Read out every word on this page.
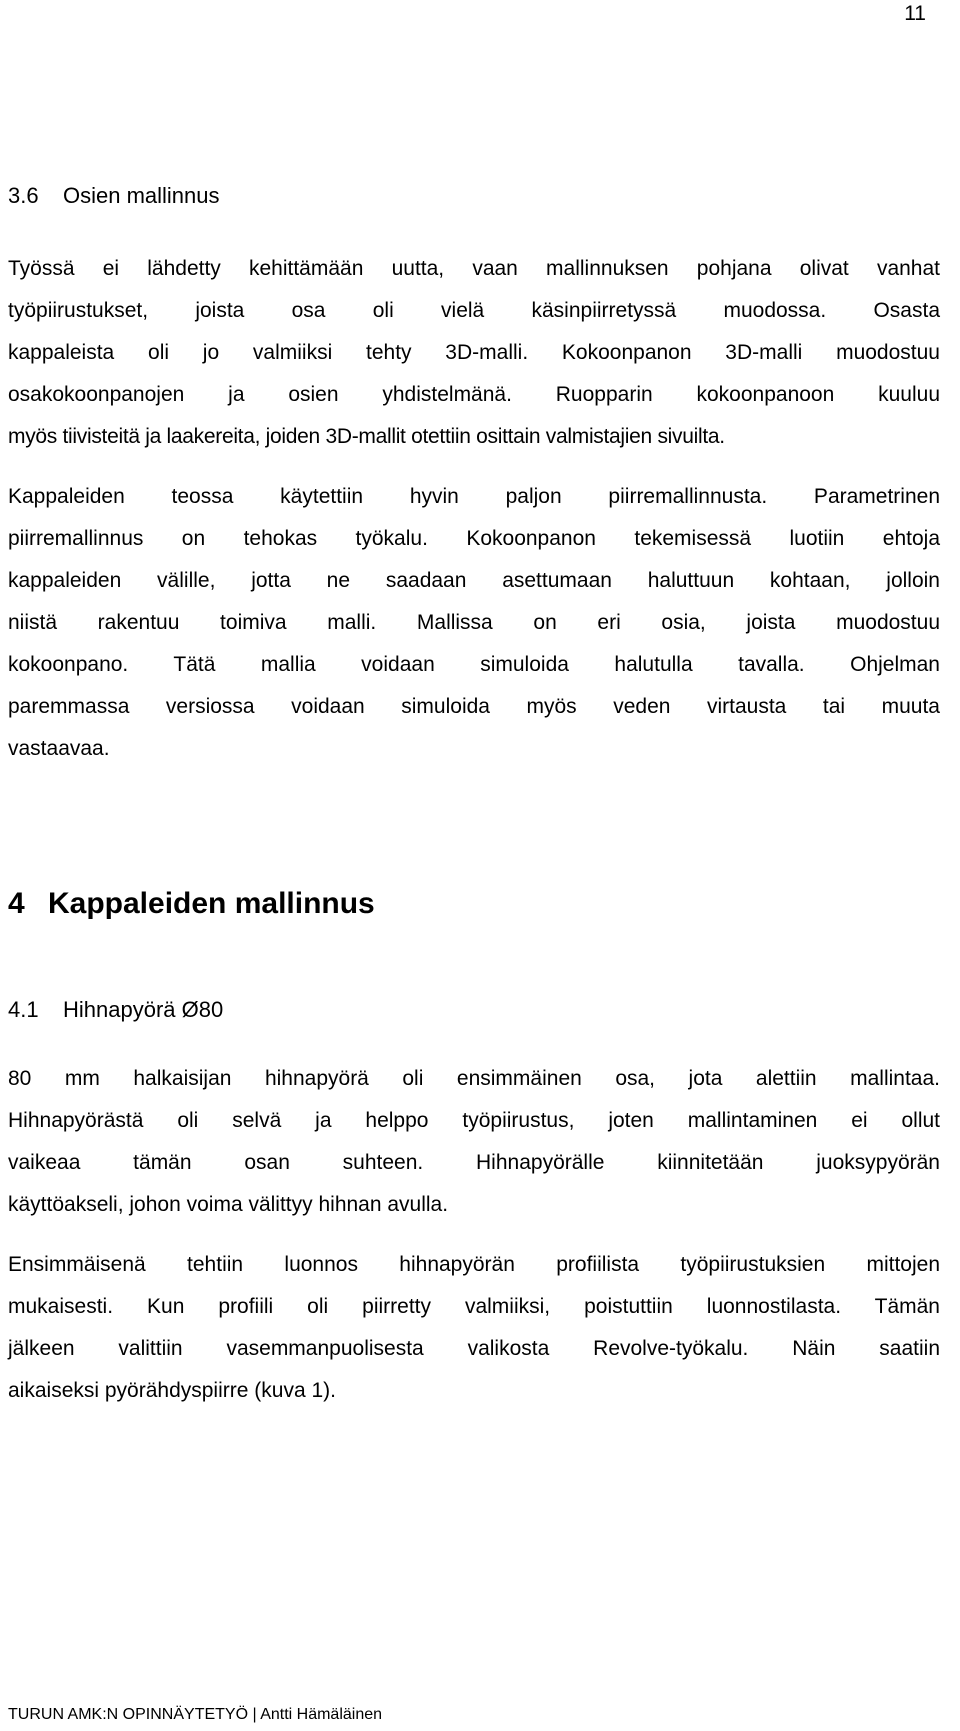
11
3.6 Osien mallinnus
Työssä ei lähdetty kehittämään uutta, vaan mallinnuksen pohjana olivat vanhat
työpiirustukset, joista osa oli vielä käsinpiirretyssä muodossa. Osasta
kappaleista oli jo valmiiksi tehty 3D-malli. Kokoonpanon 3D-malli muodostuu
osakokoonpanojen ja osien yhdistelmänä. Ruopparin kokoonpanoon kuuluu
myös tiivisteitä ja laakereita, joiden 3D-mallit otettiin osittain valmistajien sivuilta.
Kappaleiden teossa käytettiin hyvin paljon piirremallinnusta. Parametrinen
piirremallinnus on tehokas työkalu. Kokoonpanon tekemisessä luotiin ehtoja
kappaleiden välille, jotta ne saadaan asettumaan haluttuun kohtaan, jolloin
niistä rakentuu toimiva malli. Mallissa on eri osia, joista muodostuu
kokoonpano. Tätä mallia voidaan simuloida halutulla tavalla. Ohjelman
paremmassa versiossa voidaan simuloida myös veden virtausta tai muuta
vastaavaa.
4 Kappaleiden mallinnus
4.1 Hihnapyörä Ø80
80 mm halkaisijan hihnapyörä oli ensimmäinen osa, jota alettiin mallintaa.
Hihnapyörästä oli selvä ja helppo työpiirustus, joten mallintaminen ei ollut
vaikeaa tämän osan suhteen. Hihnapyörälle kiinnitetään juoksypyörän
käyttöakseli, johon voima välittyy hihnan avulla.
Ensimmäisenä tehtiin luonnos hihnapyörän profiilista työpiirustuksien mittojen
mukaisesti. Kun profiili oli piirretty valmiiksi, poistuttiin luonnostilasta. Tämän
jälkeen valittiin vasemmanpuolisesta valikosta Revolve-työkalu. Näin saatiin
aikaiseksi pyörähdyspiirre (kuva 1).
TURUN AMK:N OPINNÄYTETYÖ | Antti Hämäläinen
